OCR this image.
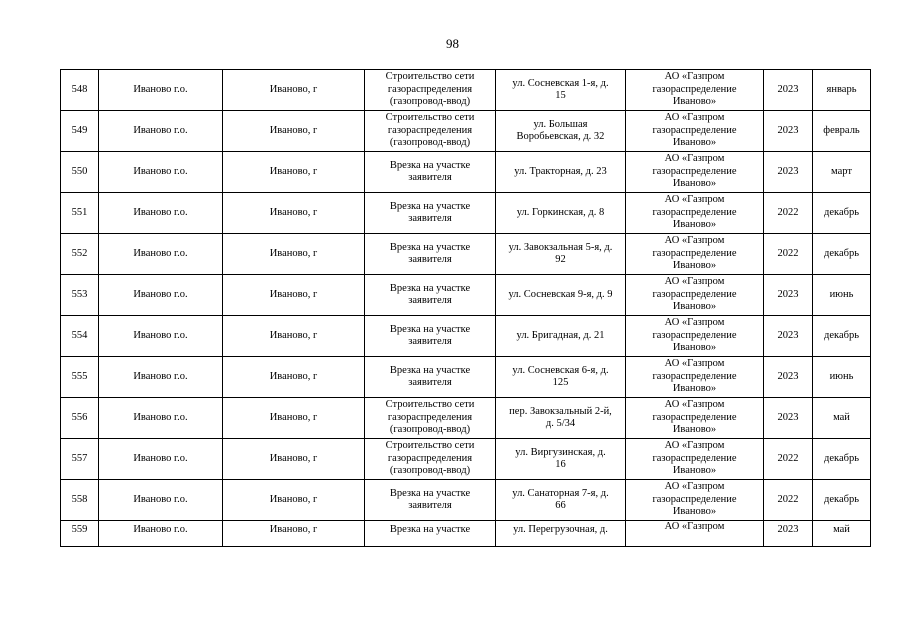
98
548	Иваново г.о.	Иваново, г	Строительство сети
газораспределения
(газопровод-ввод)	ул. Сосневская 1-я, д.
15	АО «Газпром
газораспределение
Иваново»	2023	январь
549	Иваново г.о.	Иваново, г	Строительство сети
газораспределения
(газопровод-ввод)	ул. Большая
Воробьевская, д. 32	АО «Газпром
газораспределение
Иваново»	2023	февраль
550	Иваново г.о.	Иваново, г	Врезка на участке
заявителя	ул. Тракторная, д. 23	АО «Газпром
газораспределение
Иваново»	2023	март
551	Иваново г.о.	Иваново, г	Врезка на участке
заявителя	ул. Горкинская, д. 8	АО «Газпром
газораспределение
Иваново»	2022	декабрь
552	Иваново г.о.	Иваново, г	Врезка на участке
заявителя	ул. Завокзальная 5-я, д.
92	АО «Газпром
газораспределение
Иваново»	2022	декабрь
553	Иваново г.о.	Иваново, г	Врезка на участке
заявителя	ул. Сосневская 9-я, д. 9	АО «Газпром
газораспределение
Иваново»	2023	июнь
554	Иваново г.о.	Иваново, г	Врезка на участке
заявителя	ул. Бригадная, д. 21	АО «Газпром
газораспределение
Иваново»	2023	декабрь
555	Иваново г.о.	Иваново, г	Врезка на участке
заявителя	ул. Сосневская 6-я, д.
125	АО «Газпром
газораспределение
Иваново»	2023	июнь
556	Иваново г.о.	Иваново, г	Строительство сети
газораспределения
(газопровод-ввод)	пер. Завокзальный 2-й,
д. 5/34	АО «Газпром
газораспределение
Иваново»	2023	май
557	Иваново г.о.	Иваново, г	Строительство сети
газораспределения
(газопровод-ввод)	ул. Виргузинская, д.
16	АО «Газпром
газораспределение
Иваново»	2022	декабрь
558	Иваново г.о.	Иваново, г	Врезка на участке
заявителя	ул. Санаторная 7-я, д.
66	АО «Газпром
газораспределение
Иваново»	2022	декабрь
559	Иваново г.о.	Иваново, г	Врезка на участке	ул. Перегрузочная, д.	АО «Газпром	2023	май
